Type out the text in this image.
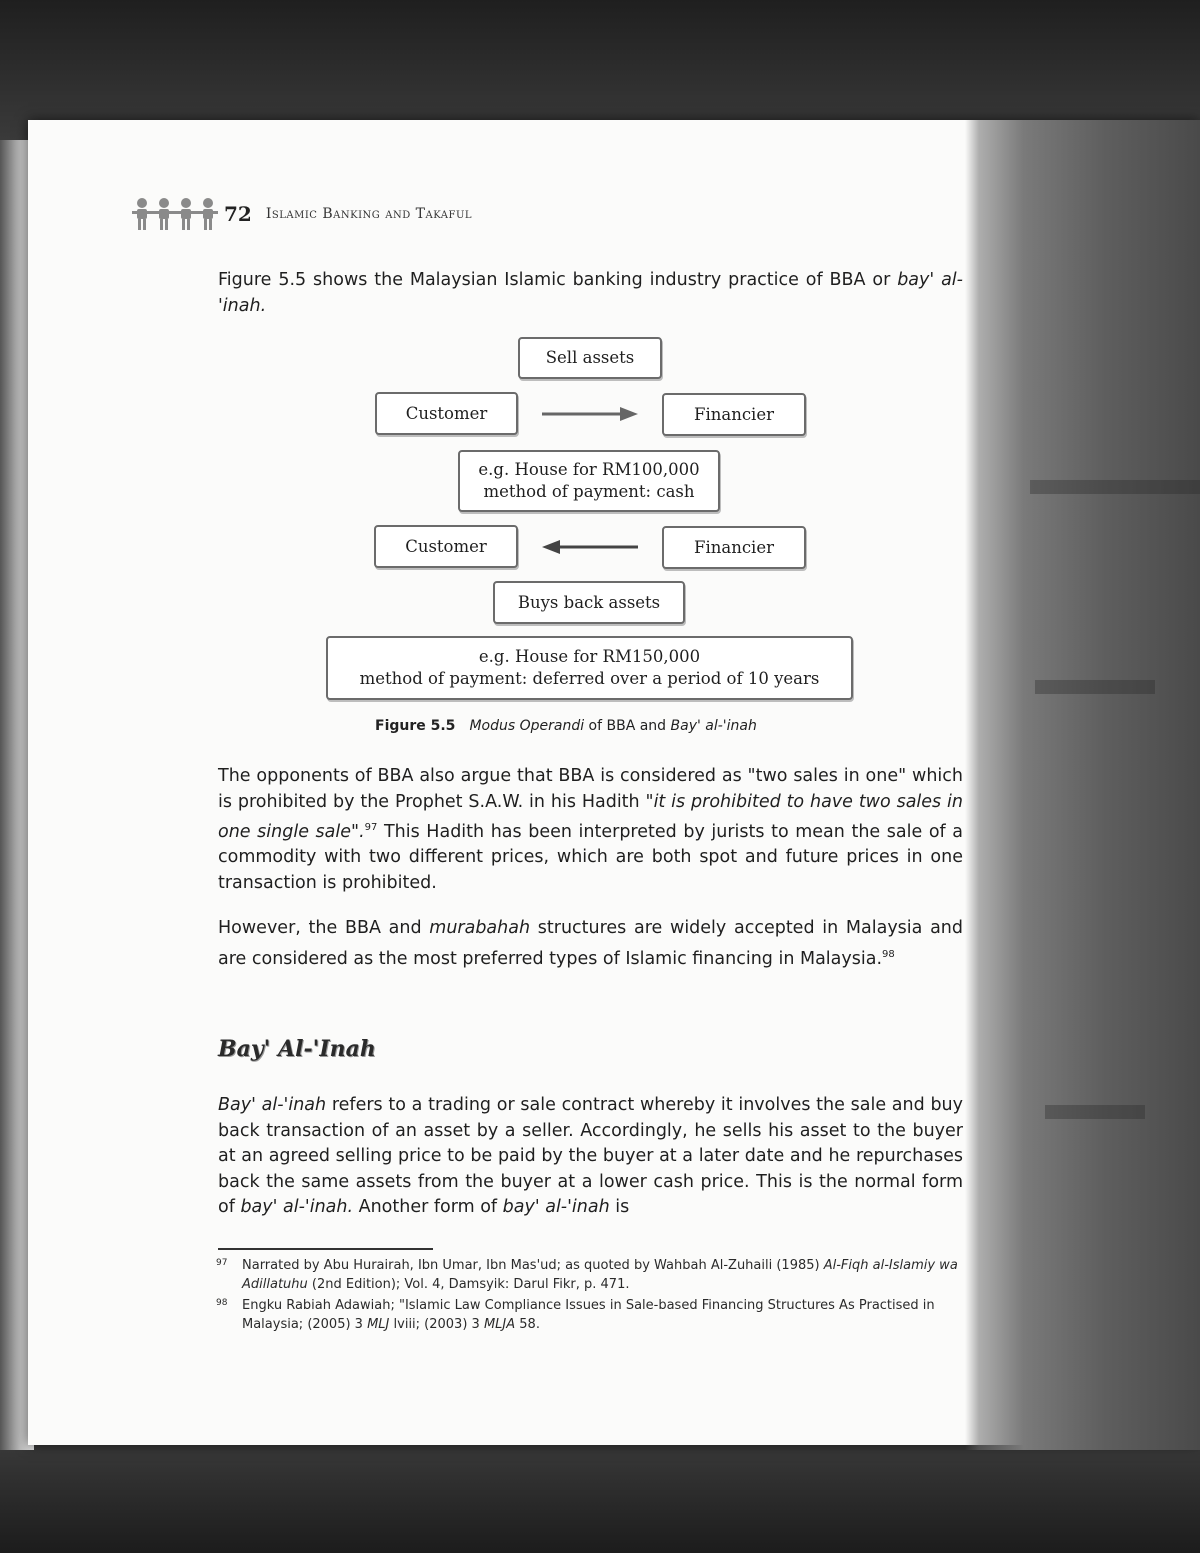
72 Islamic Banking and Takaful

Figure 5.5 shows the Malaysian Islamic banking industry practice of BBA or bay' al-'inah.

Sell assets
Customer	Financier
e.g. House for RM100,000
method of payment: cash
Customer	Financier
Buys back assets
e.g. House for RM150,000
method of payment: deferred over a period of 10 years
Figure 5.5 Modus Operandi of BBA and Bay' al-'inah

The opponents of BBA also argue that BBA is considered as "two sales in one" which is prohibited by the Prophet S.A.W. in his Hadith "it is prohibited to have two sales in one single sale".$^{97}$ This Hadith has been interpreted by jurists to mean the sale of a commodity with two different prices, which are both spot and future prices in one transaction is prohibited.

However, the BBA and murabahah structures are widely accepted in Malaysia and are considered as the most preferred types of Islamic financing in Malaysia.$^{98}$

Bay' Al-'Inah

Bay' al-'inah refers to a trading or sale contract whereby it involves the sale and buy back transaction of an asset by a seller. Accordingly, he sells his asset to the buyer at an agreed selling price to be paid by the buyer at a later date and he repurchases back the same assets from the buyer at a lower cash price. This is the normal form of bay' al-'inah. Another form of bay' al-'inah is

97 Narrated by Abu Hurairah, Ibn Umar, Ibn Mas'ud; as quoted by Wahbah Al-Zuhaili (1985) Al-Fiqh al-Islamiy wa Adillatuhu (2nd Edition); Vol. 4, Damsyik: Darul Fikr, p. 471.

98 Engku Rabiah Adawiah; "Islamic Law Compliance Issues in Sale-based Financing Structures As Practised in Malaysia; (2005) 3 MLJ lviii; (2003) 3 MLJA 58.
